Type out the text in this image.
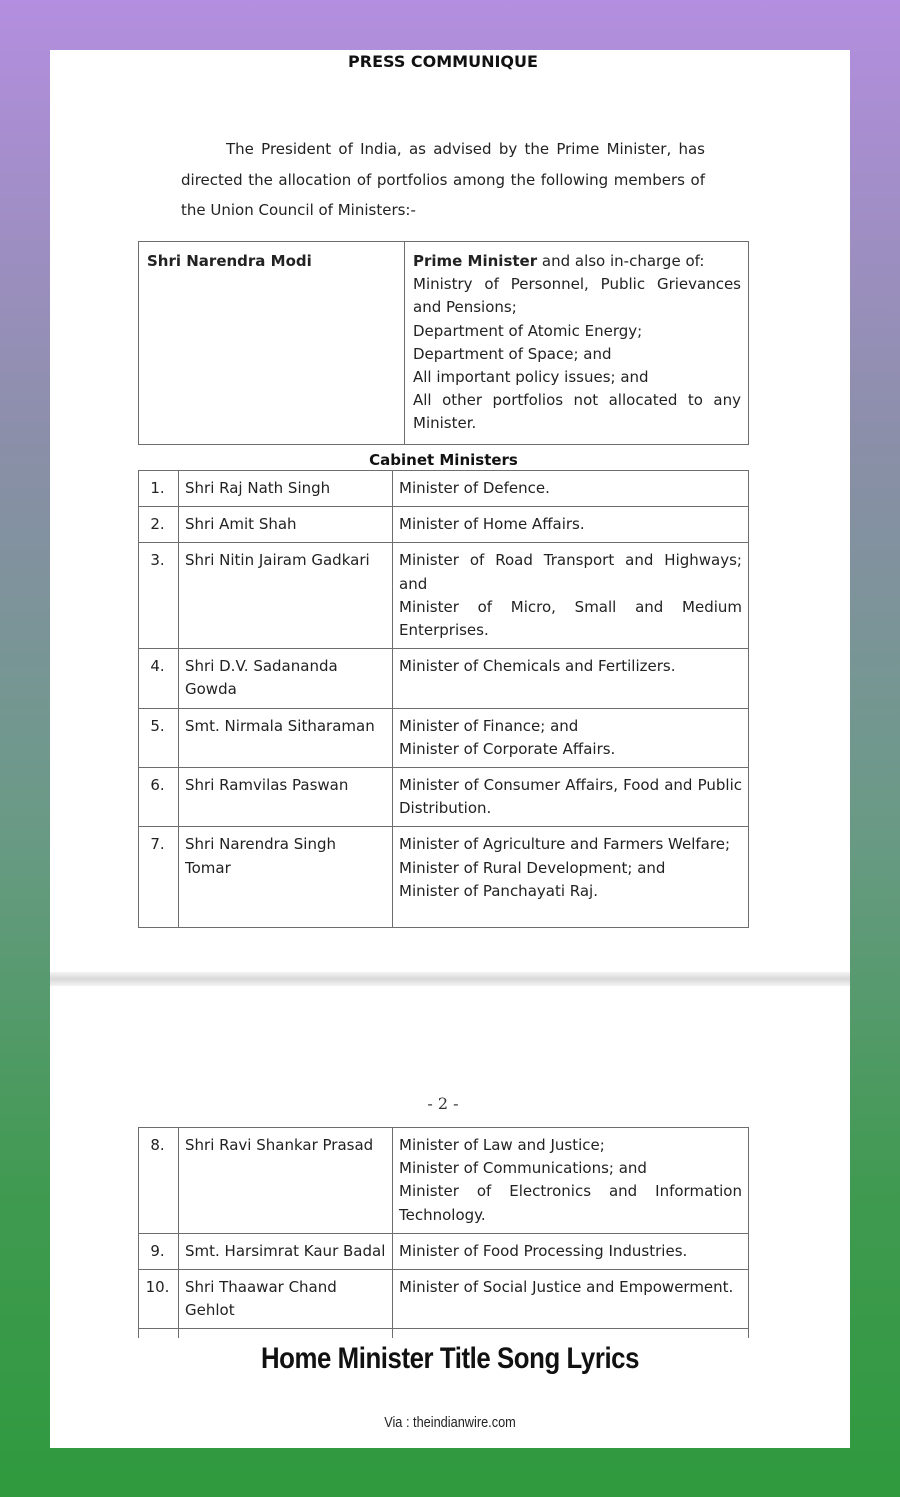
PRESS COMMUNIQUE
The President of India, as advised by the Prime Minister, has directed the allocation of portfolios among the following members of the Union Council of Ministers:-
Shri Narendra Modi	Prime Minister and also in-charge of:
Ministry of Personnel, Public Grievances and Pensions;
Department of Atomic Energy;
Department of Space; and
All important policy issues; and
All other portfolios not allocated to any Minister.
Cabinet Ministers
1.	Shri Raj Nath Singh	Minister of Defence.

2.	Shri Amit Shah	Minister of Home Affairs.

3.	Shri Nitin Jairam Gadkari	Minister of Road Transport and Highways; and
Minister of Micro, Small and Medium Enterprises.

4.	Shri D.V. Sadananda Gowda	Minister of Chemicals and Fertilizers.

5.	Smt. Nirmala Sitharaman	Minister of Finance; and
Minister of Corporate Affairs.

6.	Shri Ramvilas Paswan	Minister of Consumer Affairs, Food and Public Distribution.

7.	Shri Narendra Singh Tomar	Minister of Agriculture and Farmers Welfare;
Minister of Rural Development; and
Minister of Panchayati Raj.
- 2 -
8.	Shri Ravi Shankar Prasad	Minister of Law and Justice;
Minister of Communications; and
Minister of Electronics and Information Technology.

9.	Smt. Harsimrat Kaur Badal	Minister of Food Processing Industries.

10.	Shri Thaawar Chand Gehlot	Minister of Social Justice and Empowerment.

Home Minister Title Song Lyrics
Via : theindianwire.com
